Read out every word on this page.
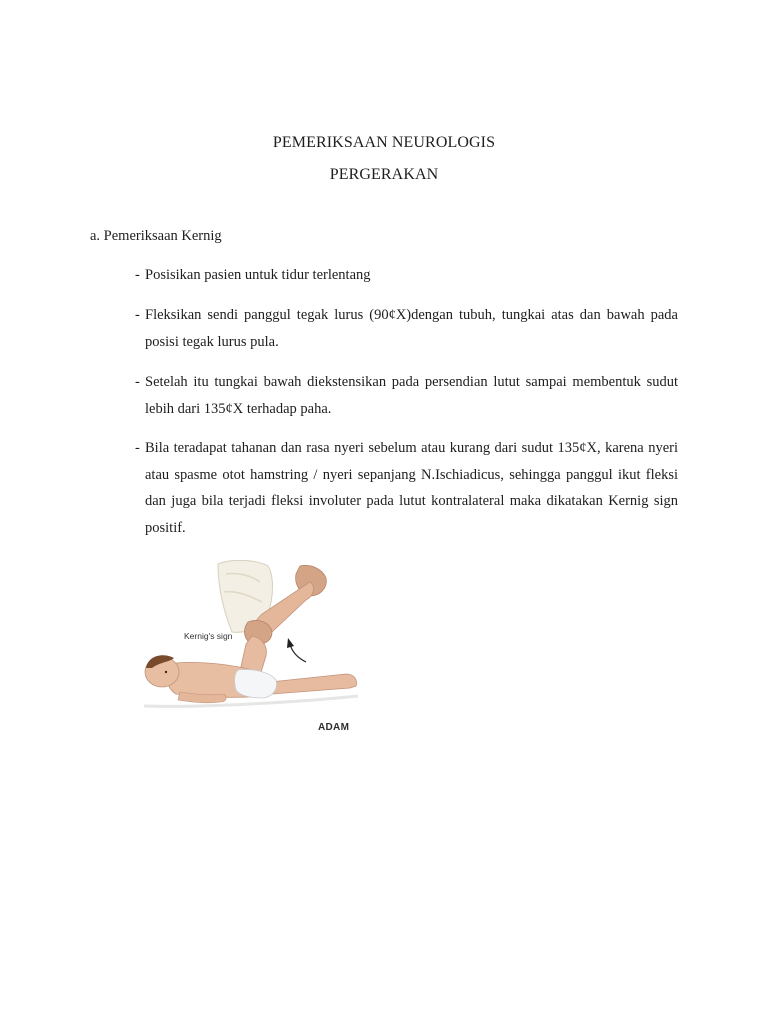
PEMERIKSAAN NEUROLOGIS
PERGERAKAN
a. Pemeriksaan Kernig
- Posisikan pasien untuk tidur terlentang
- Fleksikan sendi panggul tegak lurus (90¢X)dengan tubuh, tungkai atas dan bawah pada posisi tegak lurus pula.
- Setelah itu tungkai bawah diekstensikan pada persendian lutut sampai membentuk sudut lebih dari 135¢X terhadap paha.
- Bila teradapat tahanan dan rasa nyeri sebelum atau kurang dari sudut 135¢X, karena nyeri atau spasme otot hamstring / nyeri sepanjang N.Ischiadicus, sehingga panggul ikut fleksi dan juga bila terjadi fleksi involuter pada lutut kontralateral maka dikatakan Kernig sign positif.
Kernig's sign
ADAM
